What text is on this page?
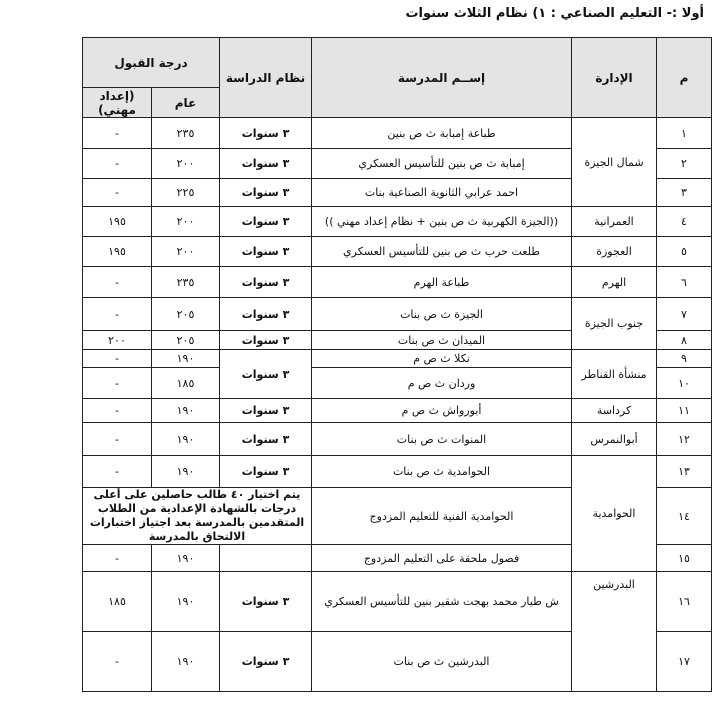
أولا :- التعليم الصناعي : ١) نظام الثلاث سنوات
م	الإدارة	إســم المدرسة	نظام الدراسة	درجة القبول	
				عام	(إعداد مهني)
١	شمال الجيزة	طباعة إمبابة ث ص بنين	٣ سنوات	٢٣٥	-
٢		إمبابة ث ص بنين للتأسيس العسكري	٣ سنوات	٢٠٠	-
٣		احمد عرابي الثانوية الصناعية بنات	٣ سنوات	٢٢٥	-
٤	العمرانية	((الجيزة الكهربية ث ص بنين + نظام إعداد مهني ))	٣ سنوات	٢٠٠	١٩٥
٥	العجوزة	طلعت حرب ث ص بنين للتأسيس العسكري	٣ سنوات	٢٠٠	١٩٥
٦	الهرم	طباعة الهرم	٣ سنوات	٢٣٥	-
٧	جنوب الجيزة	الجيزة ث ص بنات	٣ سنوات	٢٠٥	-
٨		الميدان ث ص بنات	٣ سنوات	٢٠٥	٢٠٠
٩	منشأة القناطر	نكلا ث ص م	٣ سنوات	١٩٠	-
١٠		وردان ث ص م		١٨٥	-
١١	كرداسة	أبورواش ث ص م	٣ سنوات	١٩٠	-
١٢	أبوالنمرس	المنوات ث ص بنات	٣ سنوات	١٩٠	-
١٣	الحوامدية	الحوامدية ث ص بنات	٣ سنوات	١٩٠	-
١٤		الحوامدية الفنية للتعليم المزدوج	يتم اختيار ٤٠ طالب حاصلين على أعلى درجات بالشهادة الإعدادية من الطلاب المتقدمين بالمدرسة بعد اجتياز اختبارات الالتحاق بالمدرسة		
١٥		فصول ملحقة على التعليم المزدوج		١٩٠	-
١٦	البدرشين	ش طيار محمد بهجت شقير بنين للتأسيس العسكري	٣ سنوات	١٩٠	١٨٥
١٧		البدرشين ث ص بنات	٣ سنوات	١٩٠	-
